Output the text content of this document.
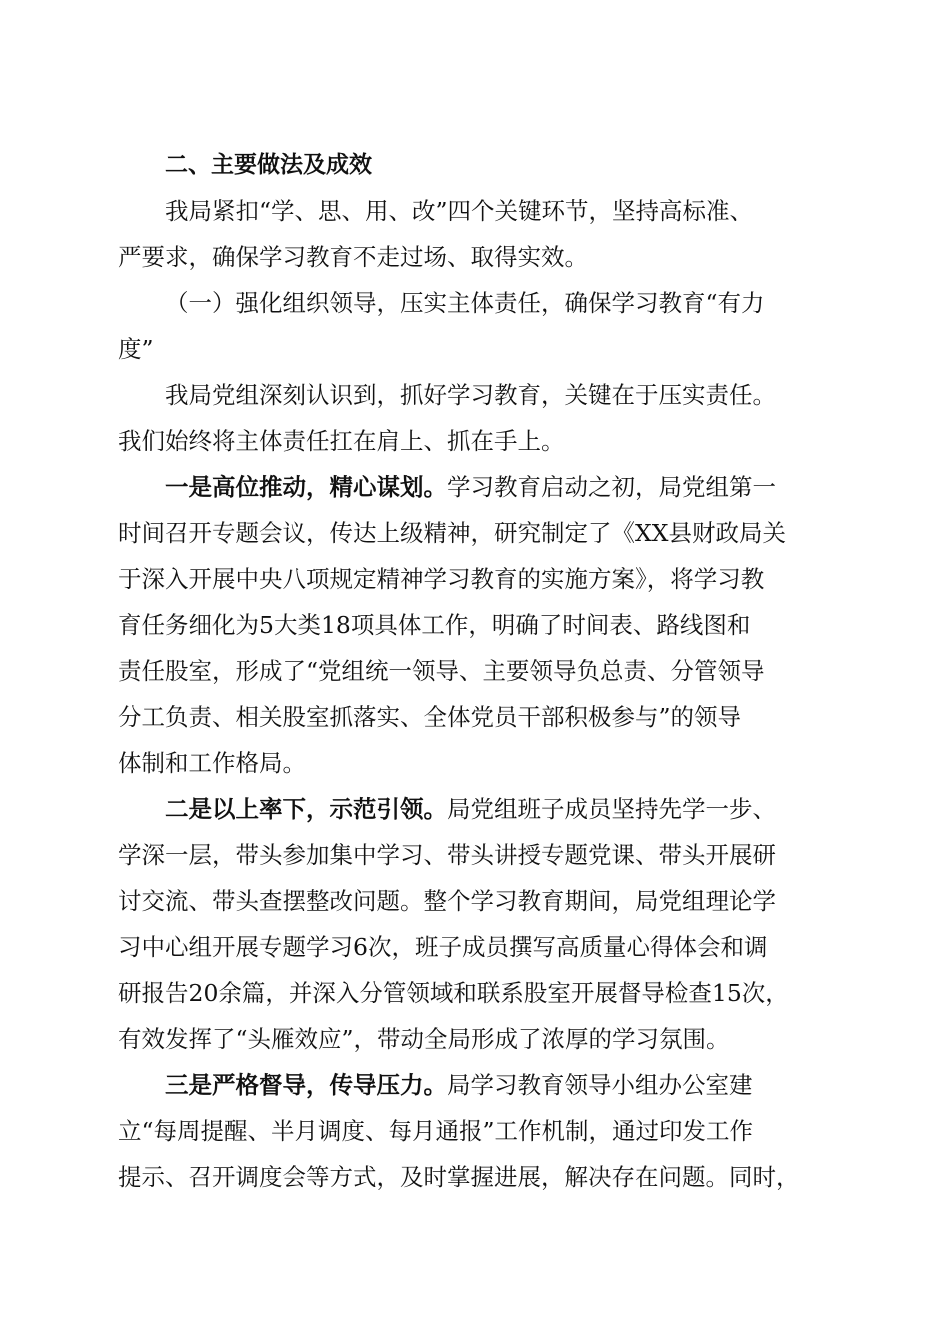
二、主要做法及成效
我局紧扣“学、思、用、改”四个关键环节，坚持高标准、
严要求，确保学习教育不走过场、取得实效。
（一）强化组织领导，压实主体责任，确保学习教育“有力
度”
我局党组深刻认识到，抓好学习教育，关键在于压实责任。
我们始终将主体责任扛在肩上、抓在手上。
一是高位推动，精心谋划。学习教育启动之初，局党组第一
时间召开专题会议，传达上级精神，研究制定了《XX县财政局关
于深入开展中央八项规定精神学习教育的实施方案》，将学习教
育任务细化为5大类18项具体工作，明确了时间表、路线图和
责任股室，形成了“党组统一领导、主要领导负总责、分管领导
分工负责、相关股室抓落实、全体党员干部积极参与”的领导
体制和工作格局。
二是以上率下，示范引领。局党组班子成员坚持先学一步、
学深一层，带头参加集中学习、带头讲授专题党课、带头开展研
讨交流、带头查摆整改问题。整个学习教育期间，局党组理论学
习中心组开展专题学习6次，班子成员撰写高质量心得体会和调
研报告20余篇，并深入分管领域和联系股室开展督导检查15次，
有效发挥了“头雁效应”，带动全局形成了浓厚的学习氛围。
三是严格督导，传导压力。局学习教育领导小组办公室建
立“每周提醒、半月调度、每月通报”工作机制，通过印发工作
提示、召开调度会等方式，及时掌握进展，解决存在问题。同时，
